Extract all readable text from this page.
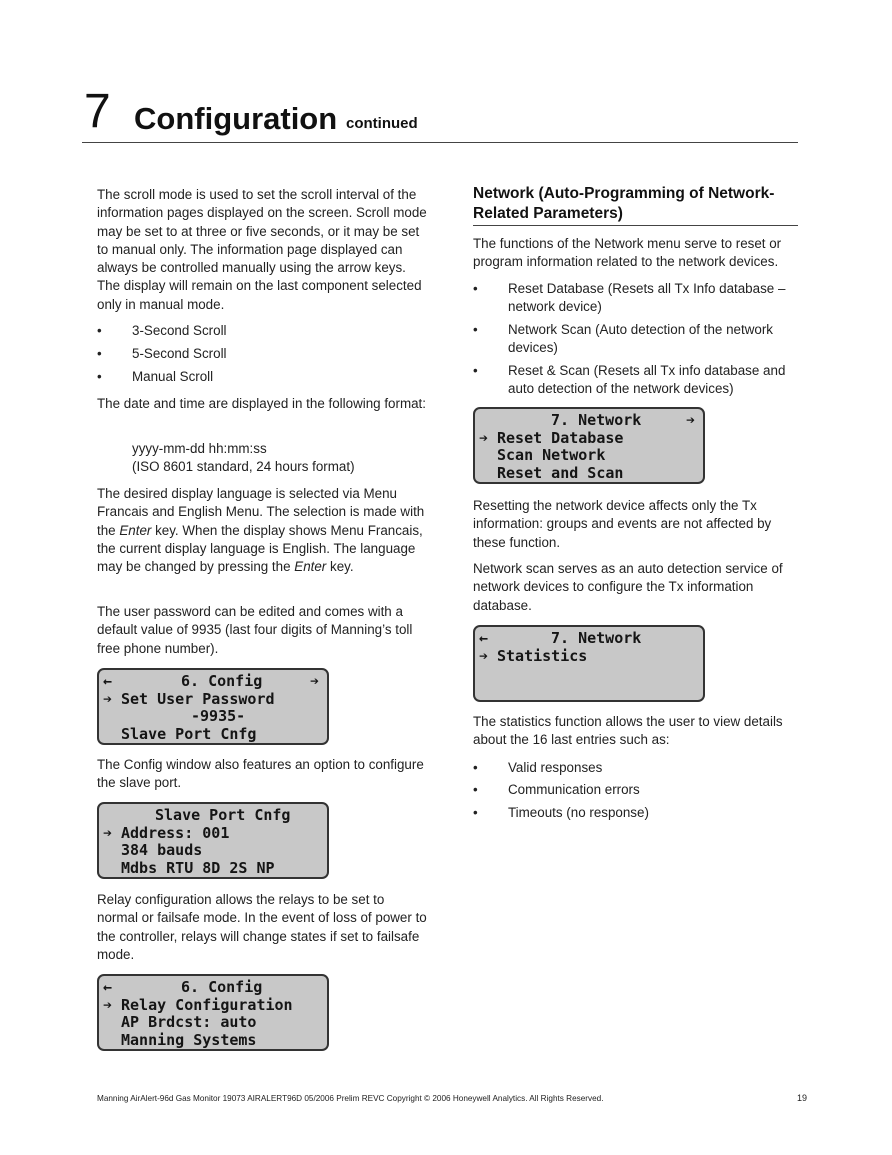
7 Configuration continued

The scroll mode is used to set the scroll interval of the information pages displayed on the screen. Scroll mode may be set to at three or five seconds, or it may be set to manual only. The information page displayed can always be controlled manually using the arrow keys. The display will remain on the last component selected only in manual mode.

• 3-Second Scroll
• 5-Second Scroll
• Manual Scroll

The date and time are displayed in the following format:

yyyy-mm-dd hh:mm:ss

(ISO 8601 standard, 24 hours format)

The desired display language is selected via Menu Francais and English Menu. The selection is made with the Enter key. When the display shows Menu Francais, the current display language is English. The language may be changed by pressing the Enter key.

The user password can be edited and comes with a default value of 9935 (last four digits of Manning’s toll free phone number).

←

	6. Config

	➔

➔

Set User Password

-9935-

Slave Port Cnfg

The Config window also features an option to configure the slave port.

Slave Port Cnfg

➔

Address: 001

384 bauds

Mdbs RTU 8D 2S NP

Relay configuration allows the relays to be set to normal or failsafe mode. In the event of loss of power to the controller, relays will change states if set to failsafe mode.

←

	6. Config

➔

Relay Configuration

AP Brdcst: auto

Manning Systems

Network (Auto-Programming of Network-Related Parameters)

The functions of the Network menu serve to reset or program information related to the network devices.

• Reset Database (Resets all Tx Info database – network device)
• Network Scan (Auto detection of the network devices)
• Reset & Scan (Resets all Tx info database and auto detection of the network devices)

7. Network

	➔

➔

Reset Database

Scan Network

Reset and Scan

Resetting the network device affects only the Tx information: groups and events are not affected by these function.

Network scan serves as an auto detection service of network devices to configure the Tx information database.

←

	7. Network

➔

Statistics

The statistics function allows the user to view details about the 16 last entries such as:

• Valid responses
• Communication errors
• Timeouts (no response)
Manning AirAlert-96d Gas Monitor 19073 AIRALERT96D 05/2006 Prelim REVC Copyright © 2006 Honeywell Analytics. All Rights Reserved.	19
